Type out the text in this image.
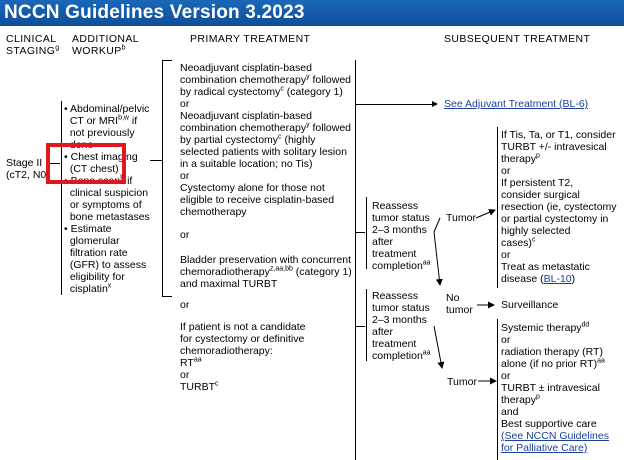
NCCN Guidelines Version 3.2023
CLINICAL
STAGING$^g$
ADDITIONAL
WORKUP$^b$
PRIMARY TREATMENT	SUBSEQUENT TREATMENT
Stage II
(cT2, N0)
• Abdominal/pelvic
CT or MRI$^{b,w}$ if
not previously
done
• Chest imaging
(CT chest)
• Bone scan$^b$ if
clinical suspicion
or symptoms of
bone metastases
• Estimate
glomerular
filtration rate
(GFR) to assess
eligibility for
cisplatin$^x$
Neoadjuvant cisplatin-based
combination chemotherapy$^y$ followed
by radical cystectomy$^c$ (category 1)
or
Neoadjuvant cisplatin-based
combination chemotherapy$^y$ followed
by partial cystectomy$^c$ (highly
selected patients with solitary lesion
in a suitable location; no Tis)
or
Cystectomy alone for those not
eligible to receive cisplatin-based
chemotherapy
or
Bladder preservation with concurrent
chemoradiotherapy$^{z,aa,bb}$ (category 1)
and maximal TURBT
or
If patient is not a candidate
for cystectomy or definitive
chemoradiotherapy:
$RT^{aa}$
or
TURBT$^c$
See Adjuvant Treatment (BL-6)
Reassess
tumor status
2–3 months
after
treatment
completion$^{aa}$
Reassess
tumor status
2–3 months
after
treatment
completion$^{aa}$
Tumor
No
tumor
Tumor
If Tis, Ta, or T1, consider
TURBT +/- intravesical
therapy$^p$
or
If persistent T2,
consider surgical
resection (ie, cystectomy
or partial cystectomy in
highly selected
cases)$^c$
or
Treat as metastatic
disease (BL-10)
Surveillance
Systemic therapy$^{dd}$
or
radiation therapy (RT)
alone (if no prior RT)$^{aa}$
or
TURBT ± intravesical
therapy$^p$
and
Best supportive care
(See NCCN Guidelines
for Palliative Care)
